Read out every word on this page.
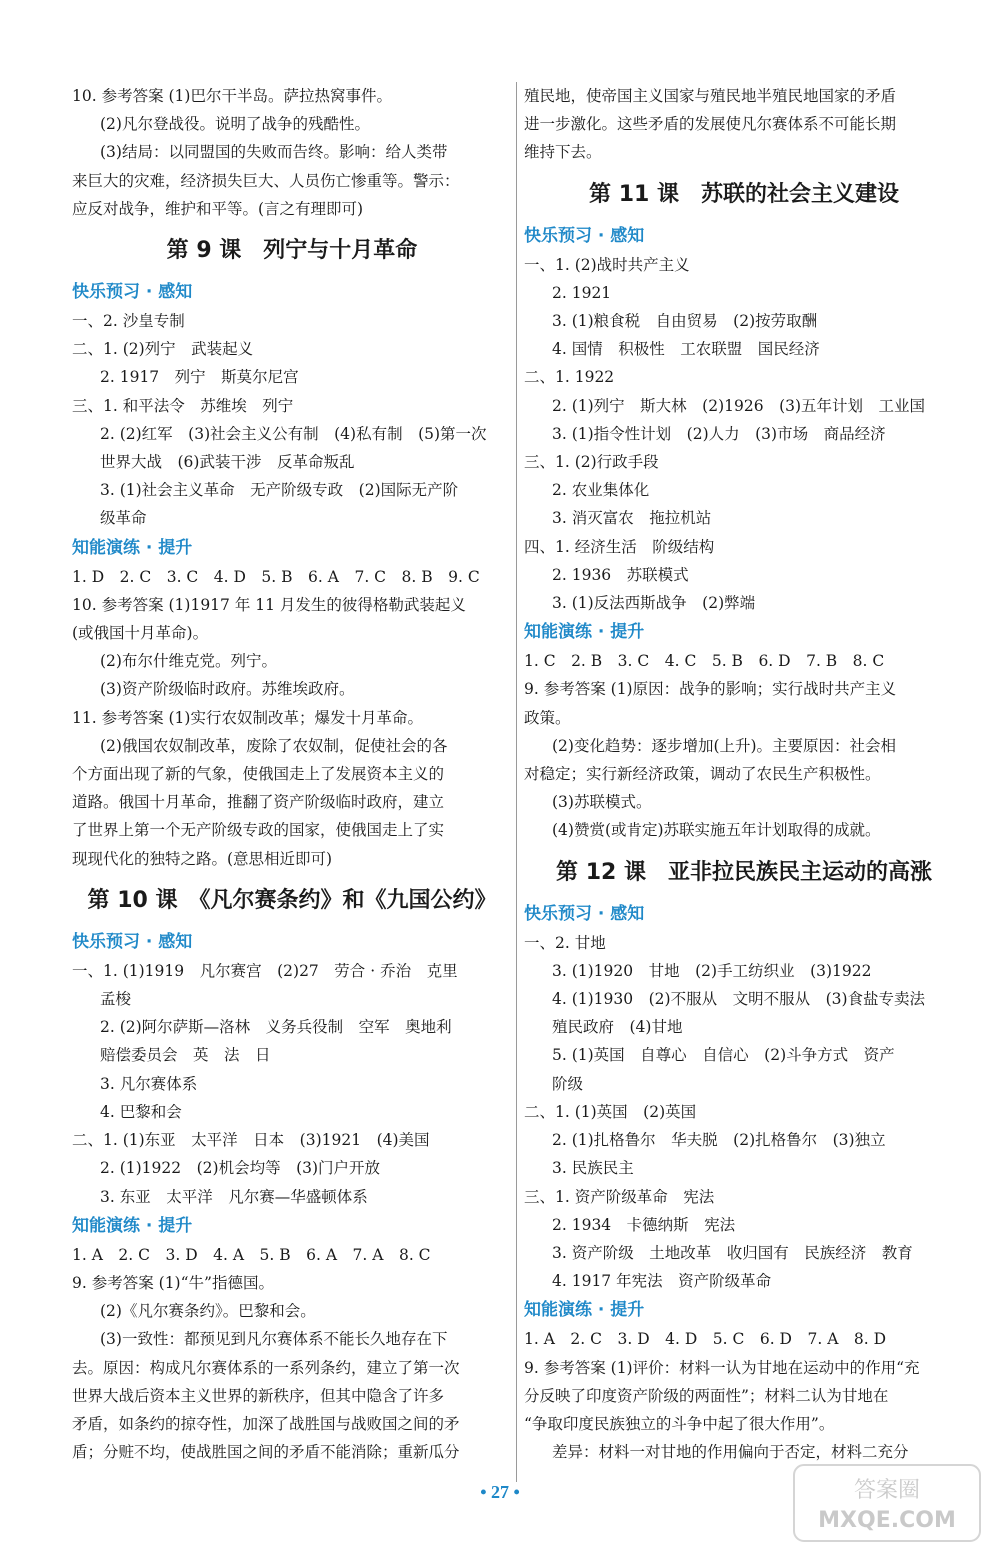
10. 参考答案 (1)巴尔干半岛。萨拉热窝事件。
(2)凡尔登战役。说明了战争的残酷性。
(3)结局：以同盟国的失败而告终。影响：给人类带
来巨大的灾难，经济损失巨大、人员伤亡惨重等。警示：
应反对战争，维护和平等。(言之有理即可)
第 9 课　列宁与十月革命
快乐预习 · 感知
一、2. 沙皇专制
二、1. (2)列宁　武装起义
2. 1917　列宁　斯莫尔尼宫
三、1. 和平法令　苏维埃　列宁
2. (2)红军　(3)社会主义公有制　(4)私有制　(5)第一次
世界大战　(6)武装干涉　反革命叛乱
3. (1)社会主义革命　无产阶级专政　(2)国际无产阶
级革命
知能演练 · 提升
1. D　2. C　3. C　4. D　5. B　6. A　7. C　8. B　9. C
10. 参考答案 (1)1917 年 11 月发生的彼得格勒武装起义
(或俄国十月革命)。
(2)布尔什维克党。列宁。
(3)资产阶级临时政府。苏维埃政府。
11. 参考答案 (1)实行农奴制改革；爆发十月革命。
(2)俄国农奴制改革，废除了农奴制，促使社会的各
个方面出现了新的气象，使俄国走上了发展资本主义的
道路。俄国十月革命，推翻了资产阶级临时政府，建立
了世界上第一个无产阶级专政的国家，使俄国走上了实
现现代化的独特之路。(意思相近即可)
第 10 课　《凡尔赛条约》和《九国公约》
快乐预习 · 感知
一、1. (1)1919　凡尔赛宫　(2)27　劳合 · 乔治　克里
孟梭
2. (2)阿尔萨斯—洛林　义务兵役制　空军　奥地利
赔偿委员会　英　法　日
3. 凡尔赛体系
4. 巴黎和会
二、1. (1)东亚　太平洋　日本　(3)1921　(4)美国
2. (1)1922　(2)机会均等　(3)门户开放
3. 东亚　太平洋　凡尔赛—华盛顿体系
知能演练 · 提升
1. A　2. C　3. D　4. A　5. B　6. A　7. A　8. C
9. 参考答案 (1)“牛”指德国。
(2)《凡尔赛条约》。巴黎和会。
(3)一致性：都预见到凡尔赛体系不能长久地存在下
去。原因：构成凡尔赛体系的一系列条约，建立了第一次
世界大战后资本主义世界的新秩序，但其中隐含了许多
矛盾，如条约的掠夺性，加深了战胜国与战败国之间的矛
盾；分赃不均，使战胜国之间的矛盾不能消除；重新瓜分
殖民地，使帝国主义国家与殖民地半殖民地国家的矛盾
进一步激化。这些矛盾的发展使凡尔赛体系不可能长期
维持下去。
第 11 课　苏联的社会主义建设
快乐预习 · 感知
一、1. (2)战时共产主义
2. 1921
3. (1)粮食税　自由贸易　(2)按劳取酬
4. 国情　积极性　工农联盟　国民经济
二、1. 1922
2. (1)列宁　斯大林　(2)1926　(3)五年计划　工业国
3. (1)指令性计划　(2)人力　(3)市场　商品经济
三、1. (2)行政手段
2. 农业集体化
3. 消灭富农　拖拉机站
四、1. 经济生活　阶级结构
2. 1936　苏联模式
3. (1)反法西斯战争　(2)弊端
知能演练 · 提升
1. C　2. B　3. C　4. C　5. B　6. D　7. B　8. C
9. 参考答案 (1)原因：战争的影响；实行战时共产主义
政策。
(2)变化趋势：逐步增加(上升)。主要原因：社会相
对稳定；实行新经济政策，调动了农民生产积极性。
(3)苏联模式。
(4)赞赏(或肯定)苏联实施五年计划取得的成就。
第 12 课　亚非拉民族民主运动的高涨
快乐预习 · 感知
一、2. 甘地
3. (1)1920　甘地　(2)手工纺织业　(3)1922
4. (1)1930　(2)不服从　文明不服从　(3)食盐专卖法
殖民政府　(4)甘地
5. (1)英国　自尊心　自信心　(2)斗争方式　资产
阶级
二、1. (1)英国　(2)英国
2. (1)扎格鲁尔　华夫脱　(2)扎格鲁尔　(3)独立
3. 民族民主
三、1. 资产阶级革命　宪法
2. 1934　卡德纳斯　宪法
3. 资产阶级　土地改革　收归国有　民族经济　教育
4. 1917 年宪法　资产阶级革命
知能演练 · 提升
1. A　2. C　3. D　4. D　5. C　6. D　7. A　8. D
9. 参考答案 (1)评价：材料一认为甘地在运动中的作用“充
分反映了印度资产阶级的两面性”；材料二认为甘地在
“争取印度民族独立的斗争中起了很大作用”。
差异：材料一对甘地的作用偏向于否定，材料二充分
• 27 •	答案圈
MXQE.COM
